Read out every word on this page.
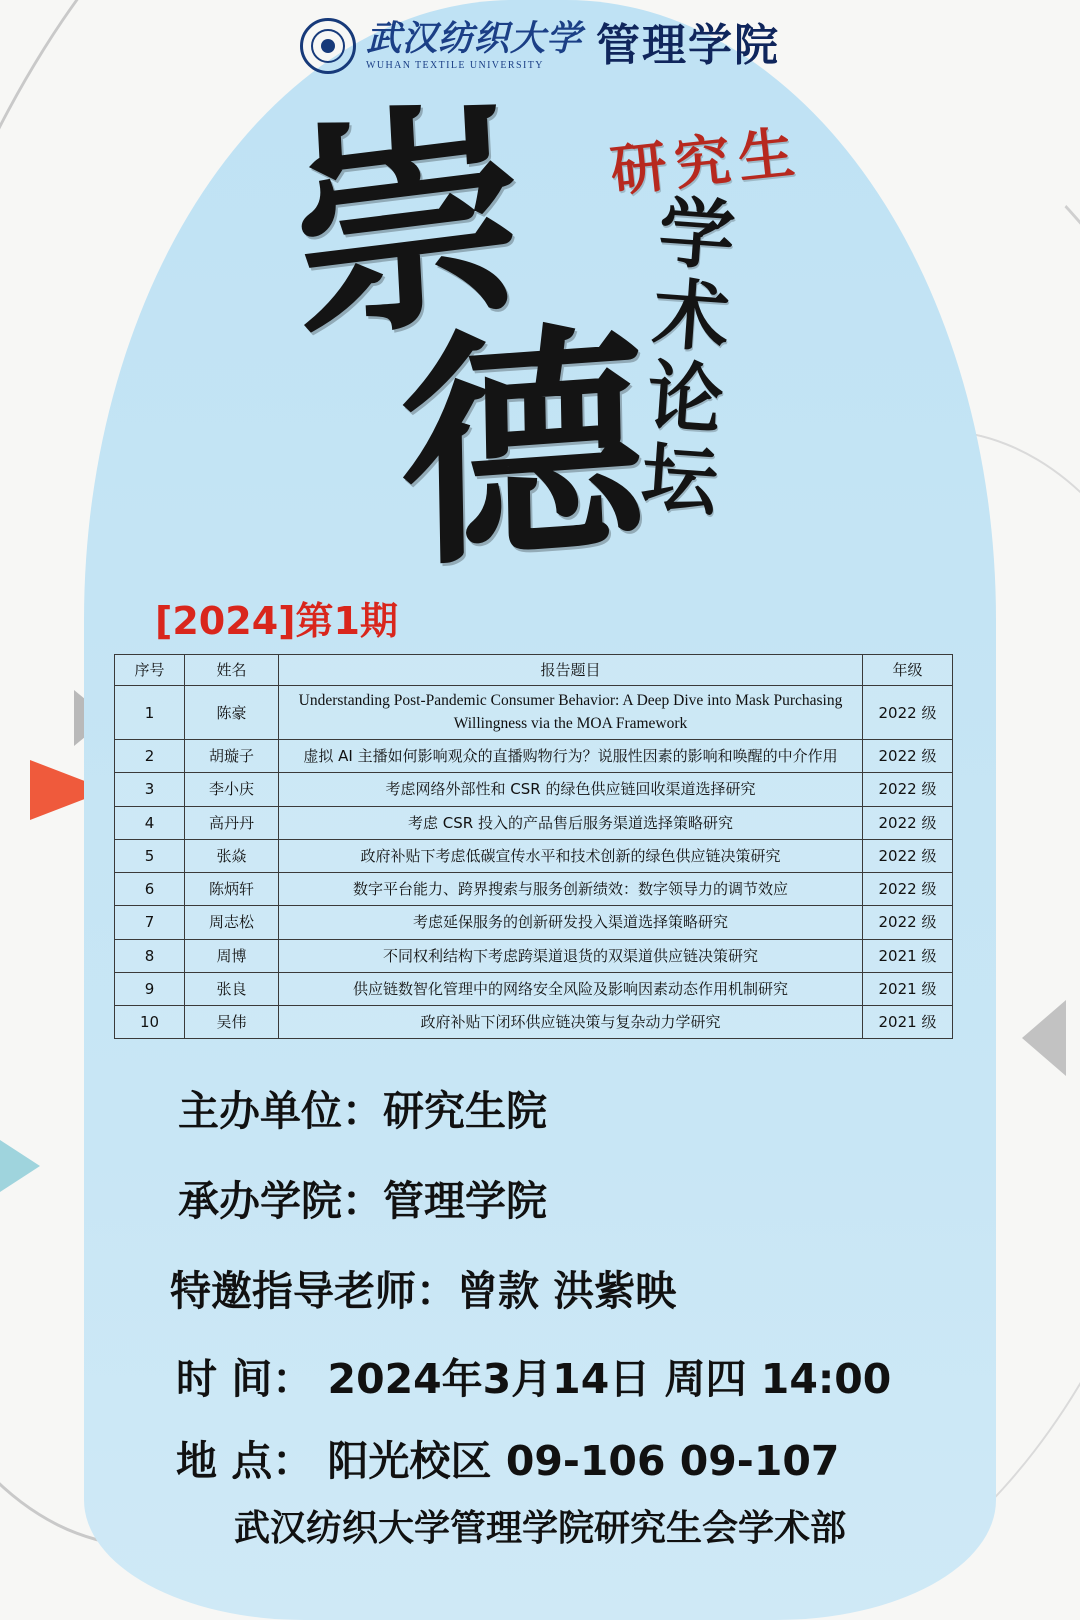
武汉纺织大学
WUHAN TEXTILE UNIVERSITY	管理学院
崇
德
研究生
学术论坛
[2024]第1期
序号	姓名	报告题目	年级
1	陈豪	Understanding Post-Pandemic Consumer Behavior: A Deep Dive into Mask Purchasing Willingness via the MOA Framework	2022 级
2	胡璇子	虚拟 AI 主播如何影响观众的直播购物行为？说服性因素的影响和唤醒的中介作用	2022 级
3	李小庆	考虑网络外部性和 CSR 的绿色供应链回收渠道选择研究	2022 级
4	高丹丹	考虑 CSR 投入的产品售后服务渠道选择策略研究	2022 级
5	张焱	政府补贴下考虑低碳宣传水平和技术创新的绿色供应链决策研究	2022 级
6	陈炳轩	数字平台能力、跨界搜索与服务创新绩效：数字领导力的调节效应	2022 级
7	周志松	考虑延保服务的创新研发投入渠道选择策略研究	2022 级
8	周博	不同权利结构下考虑跨渠道退货的双渠道供应链决策研究	2021 级
9	张良	供应链数智化管理中的网络安全风险及影响因素动态作用机制研究	2021 级
10	吴伟	政府补贴下闭环供应链决策与复杂动力学研究	2021 级
主办单位：研究生院
承办学院：管理学院
特邀指导老师：曾款 洪紫映
时 间： 2024年3月14日 周四 14:00
地 点： 阳光校区 09-106 09-107
武汉纺织大学管理学院研究生会学术部
